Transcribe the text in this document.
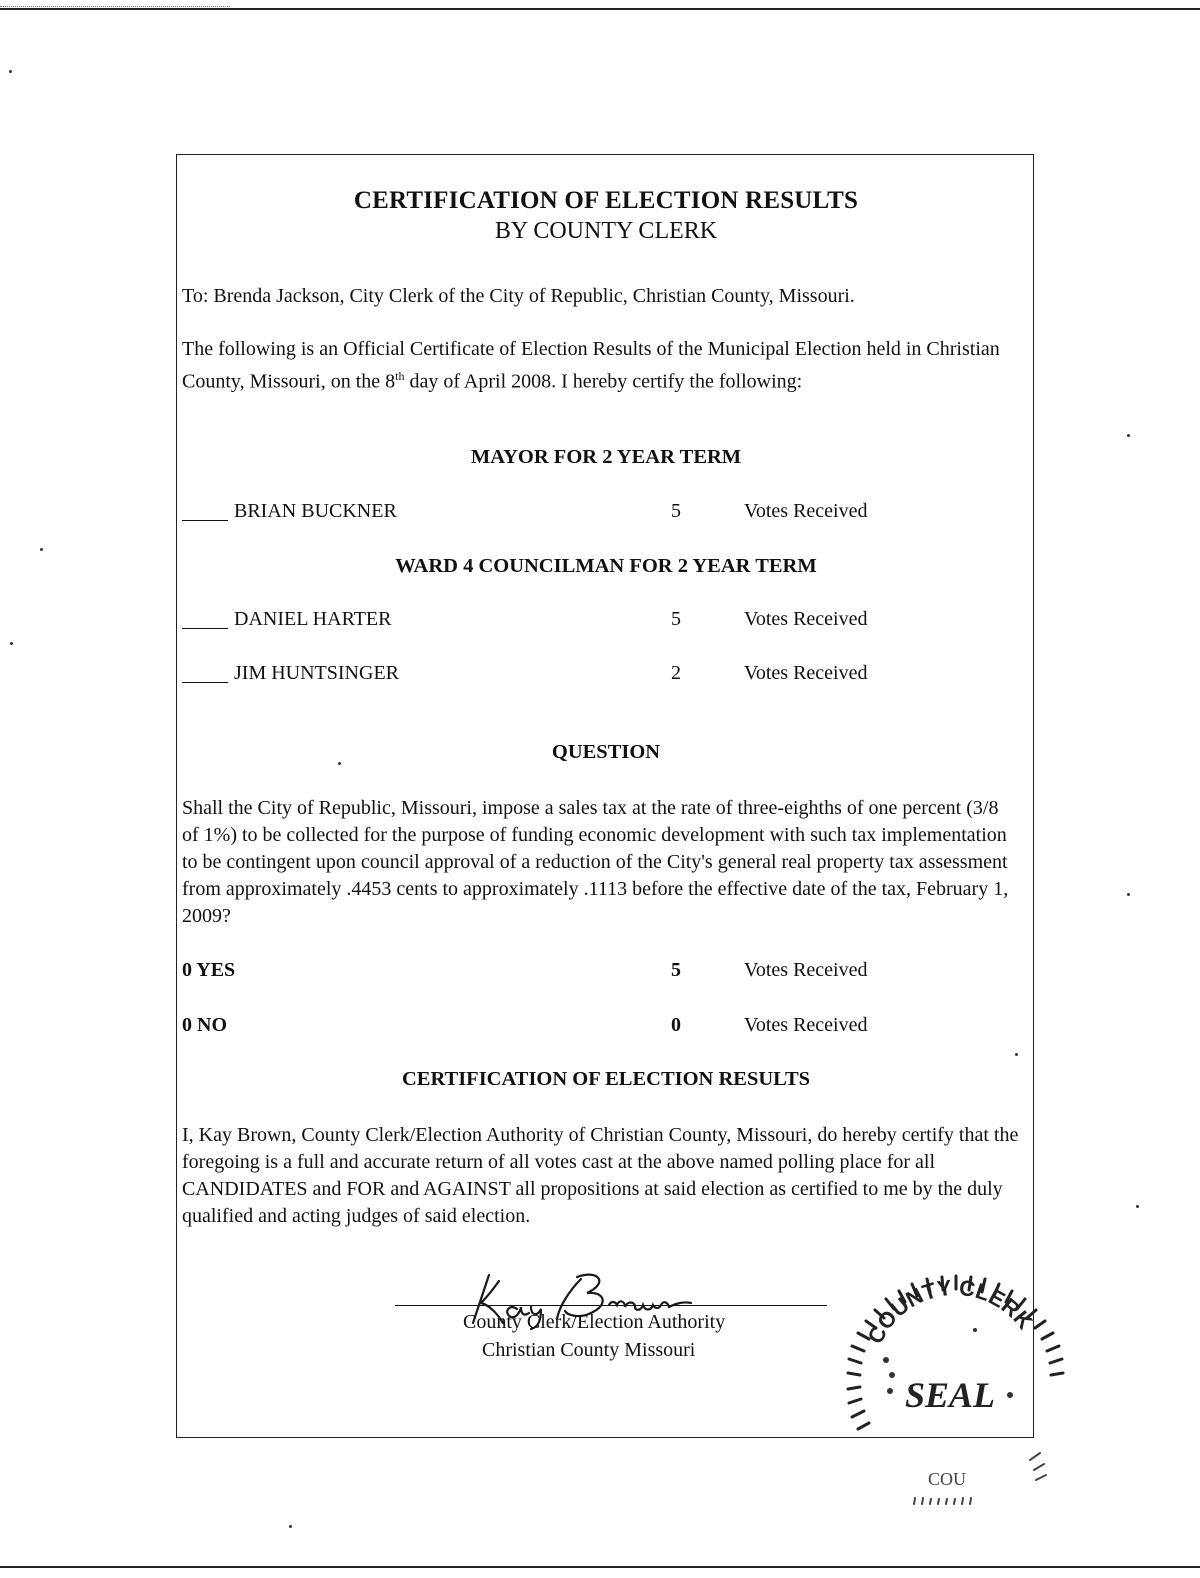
CERTIFICATION OF ELECTION RESULTS
BY COUNTY CLERK
To: Brenda Jackson, City Clerk of the City of Republic, Christian County, Missouri.
The following is an Official Certificate of Election Results of the Municipal Election held in Christian County, Missouri, on the 8th day of April 2008. I hereby certify the following:
MAYOR FOR 2 YEAR TERM
BRIAN BUCKNER	5	Votes Received
WARD 4 COUNCILMAN FOR 2 YEAR TERM
DANIEL HARTER	5	Votes Received
JIM HUNTSINGER	2	Votes Received
QUESTION
Shall the City of Republic, Missouri, impose a sales tax at the rate of three-eighths of one percent (3/8 of 1%) to be collected for the purpose of funding economic development with such tax implementation to be contingent upon council approval of a reduction of the City's general real property tax assessment from approximately .4453 cents to approximately .1113 before the effective date of the tax, February 1, 2009?
0 YES	5	Votes Received
0 NO	0	Votes Received
CERTIFICATION OF ELECTION RESULTS
I, Kay Brown, County Clerk/Election Authority of Christian County, Missouri, do hereby certify that the foregoing is a full and accurate return of all votes cast at the above named polling place for all CANDIDATES and FOR and AGAINST all propositions at said election as certified to me by the duly qualified and acting judges of said election.
County Clerk/Election Authority
Christian County Missouri
COUNTY CLERK
SEAL
COU
